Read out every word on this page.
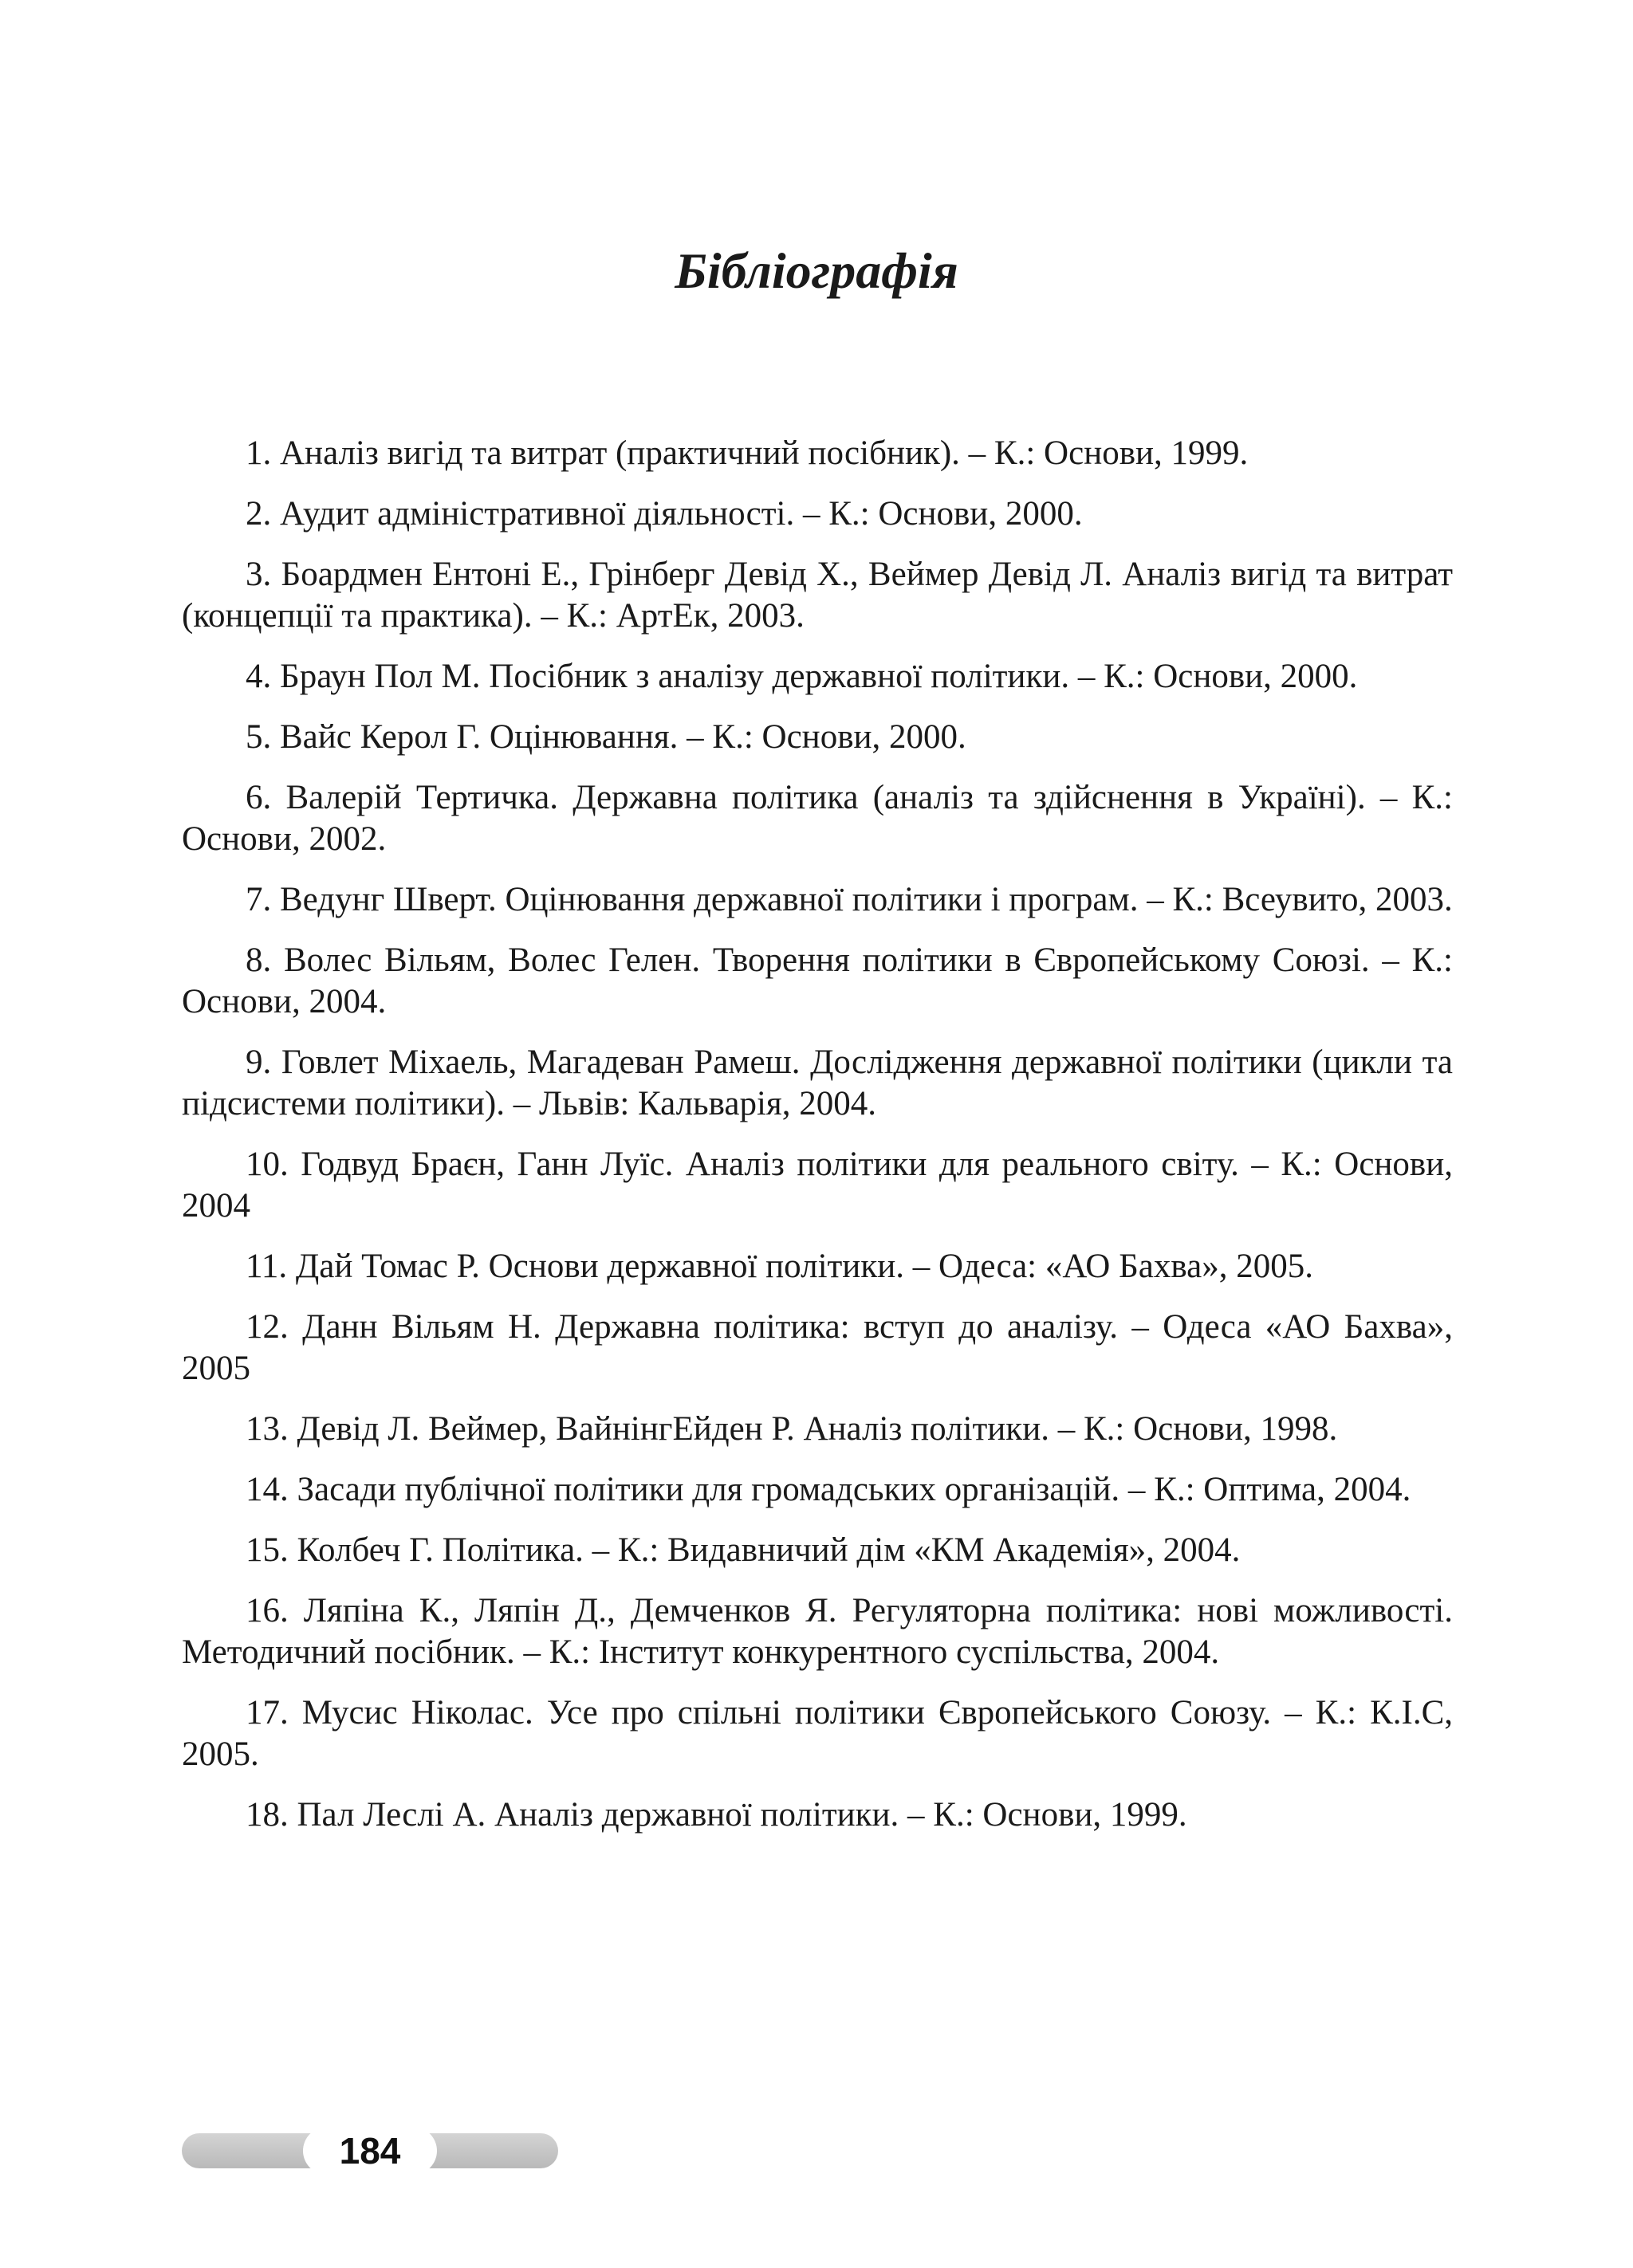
Бібліографія
1. Аналіз вигід та витрат (практичний посібник). – К.: Основи, 1999.
2. Аудит адміністративної діяльності. – К.: Основи, 2000.
3. Боардмен Ентоні Е., Грінберг Девід Х., Веймер Девід Л. Аналіз вигід та витрат (концепції та практика). – К.: АртЕк, 2003.
4. Браун Пол М. Посібник з аналізу державної політики. – К.: Основи, 2000.
5. Вайс Керол Г. Оцінювання. – К.: Основи, 2000.
6. Валерій Тертичка. Державна політика (аналіз та здійснення в Україні). – К.: Основи, 2002.
7. Ведунг Шверт. Оцінювання державної політики і програм. – К.: Всеувито, 2003.
8. Волес Вільям, Волес Гелен. Творення політики в Європейському Союзі. – К.: Основи, 2004.
9. Говлет Міхаель, Магадеван Рамеш. Дослідження державної політики (цикли та підсистеми політики). – Львів: Кальварія, 2004.
10. Годвуд Браєн, Ганн Луїс. Аналіз політики для реального світу. – К.: Основи, 2004
11. Дай Томас Р. Основи державної політики. – Одеса: «АО Бахва», 2005.
12. Данн Вільям Н. Державна політика: вступ до аналізу. – Одеса «АО Бахва», 2005
13. Девід Л. Веймер, ВайнінгЕйден Р. Аналіз політики. – К.: Основи, 1998.
14. Засади публічної політики для громадських організацій. – К.: Оптима, 2004.
15. Колбеч Г. Політика. – К.: Видавничий дім «КМ Академія», 2004.
16. Ляпіна К., Ляпін Д., Демченков Я. Регуляторна політика: нові можливості. Методичний посібник. – К.: Інститут конкурентного суспільства, 2004.
17. Мусис Ніколас. Усе про спільні політики Європейського Союзу. – К.: К.І.С, 2005.
18. Пал Леслі А. Аналіз державної політики. – К.: Основи, 1999.
184
